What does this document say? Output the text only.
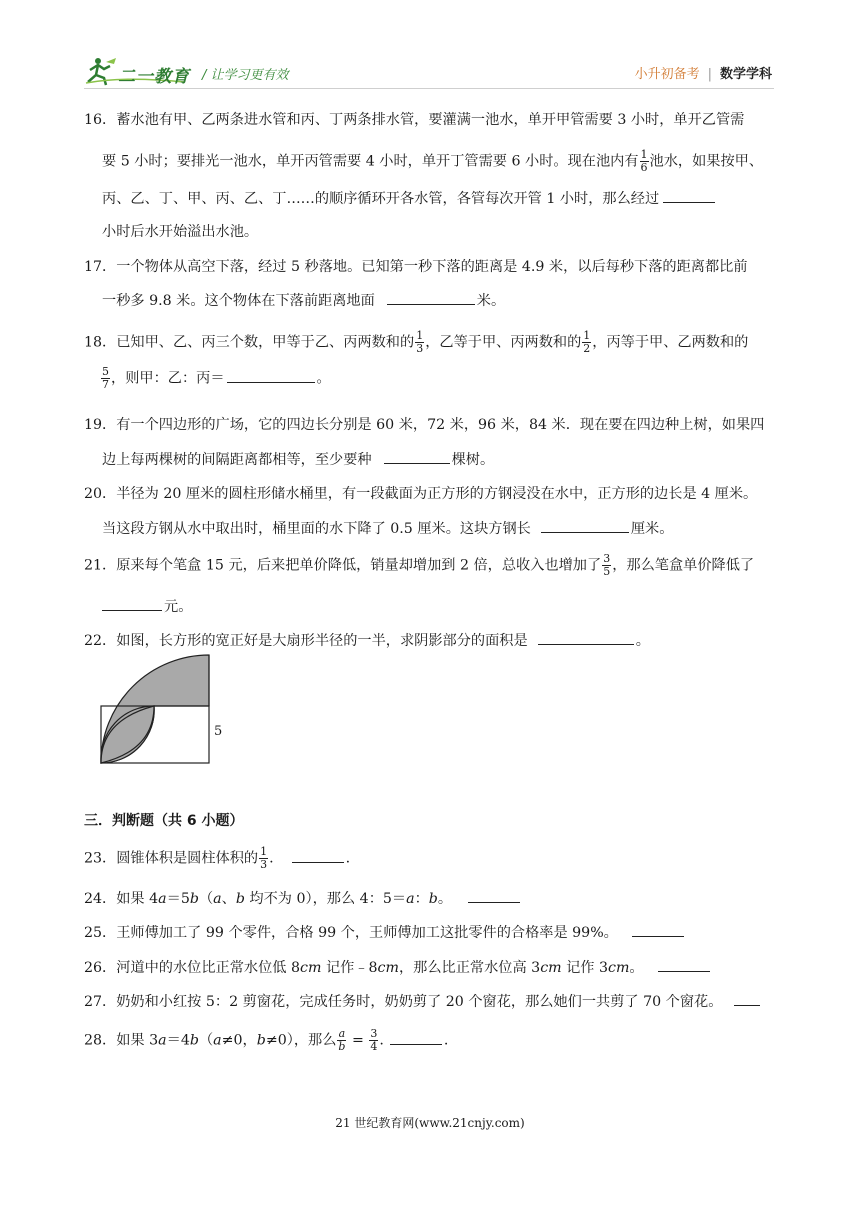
二一教育 / 让学习更有效	小升初备考 | 数学学科
16．蓄水池有甲、乙两条进水管和丙、丁两条排水管，要灌满一池水，单开甲管需要 3 小时，单开乙管需
要 5 小时；要排光一池水，单开丙管需要 4 小时，单开丁管需要 6 小时。现在池内有 $\frac{1}{6}$ 池水，如果按甲、
丙、乙、丁、甲、丙、乙、丁……的顺序循环开各水管，各管每次开管 1 小时，那么经过
小时后水开始溢出水池。
17．一个物体从高空下落，经过 5 秒落地。已知第一秒下落的距离是 4.9 米，以后每秒下落的距离都比前
一秒多 9.8 米。这个物体在下落前距离地面	米。
18．已知甲、乙、丙三个数，甲等于乙、丙两数和的 $\frac{1}{3}$ ，乙等于甲、丙两数和的 $\frac{1}{2}$ ，丙等于甲、乙两数和的
$\frac{5}{7}$ ，则甲：乙：丙＝	。
19．有一个四边形的广场，它的四边长分别是 60 米，72 米，96 米，84 米．现在要在四边种上树，如果四
边上每两棵树的间隔距离都相等，至少要种	棵树。
20．半径为 20 厘米的圆柱形储水桶里，有一段截面为正方形的方钢浸没在水中，正方形的边长是 4 厘米。
当这段方钢从水中取出时，桶里面的水下降了 0.5 厘米。这块方钢长	厘米。
21．原来每个笔盒 15 元，后来把单价降低，销量却增加到 2 倍，总收入也增加了 $\frac{3}{5}$ ，那么笔盒单价降低了
元。
22．如图，长方形的宽正好是大扇形半径的一半，求阴影部分的面积是	。
5
三．判断题（共 6 小题）
23．圆锥体积是圆柱体积的 $\frac{1}{3}$ .	.
24．如果 4a＝5b（a、b 均不为 0），那么 4：5＝a：b。
25．王师傅加工了 99 个零件，合格 99 个，王师傅加工这批零件的合格率是 99%。
26．河道中的水位比正常水位低 8cm 记作﹣8cm，那么比正常水位高 3cm 记作 3cm。
27．奶奶和小红按 5：2 剪窗花，完成任务时，奶奶剪了 20 个窗花，那么她们一共剪了 70 个窗花。
28．如果 3a＝4b（a≠0，b≠0），那么 $\frac{a}{b} = \frac{3}{4}$ .	.
21 世纪教育网(www.21cnjy.com)
